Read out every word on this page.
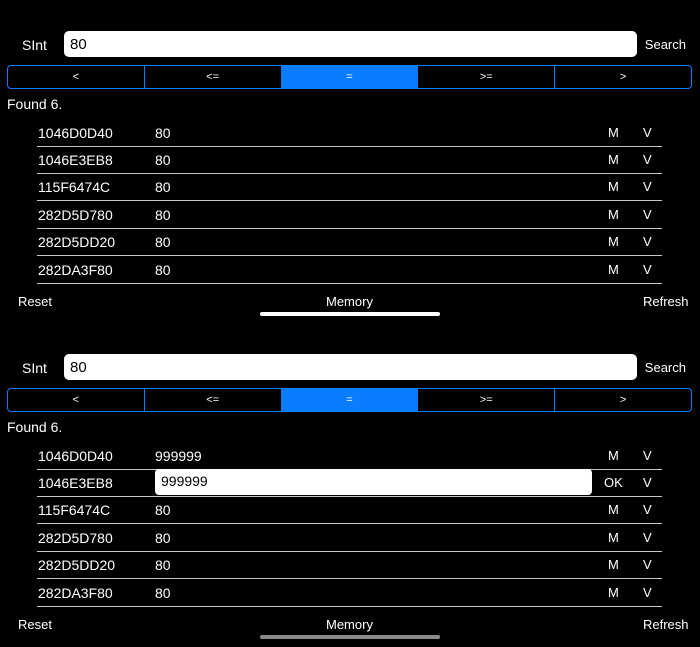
SInt
80	Search
<	<=	=	>=	>
Found 6.
1046D0D40	80	M V
1046E3EB8	80	M V
115F6474C	80	M V
282D5D780	80	M V
282D5DD20	80	M V
282DA3F80	80	M V
Reset	Memory	Refresh
SInt
80	Search
<	<=	=	>=	>
Found 6.
1046D0D40	999999	M V
1046E3EB8	999999	OK V
115F6474C	80	M V
282D5D780	80	M V
282D5DD20	80	M V
282DA3F80	80	M V
Reset	Memory	Refresh
